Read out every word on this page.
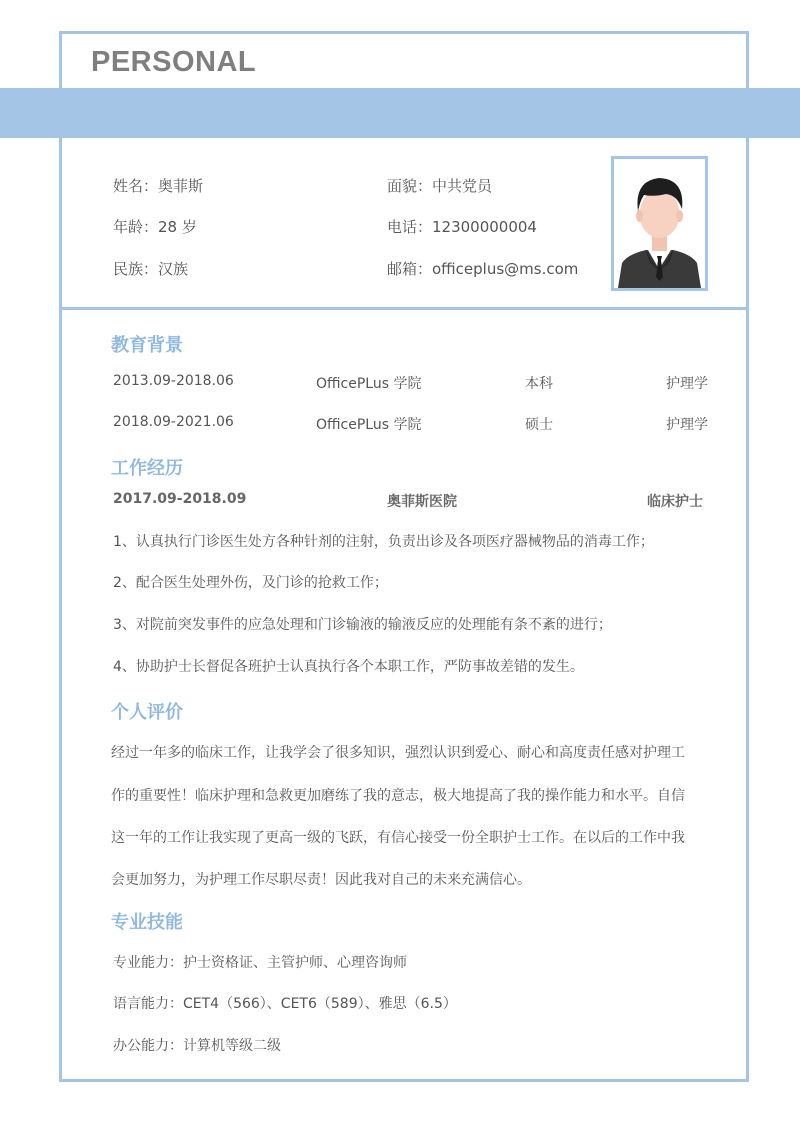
PERSONAL
姓名：奥菲斯	面貌：中共党员
年龄：28 岁	电话：12300000004
民族：汉族	邮箱：officeplus@ms.com
教育背景
2013.09-2018.06	OfficePLus 学院	本科	护理学
2018.09-2021.06	OfficePLus 学院	硕士	护理学
工作经历
2017.09-2018.09	奥菲斯医院	临床护士
1、认真执行门诊医生处方各种针剂的注射，负责出诊及各项医疗器械物品的消毒工作；
2、配合医生处理外伤，及门诊的抢救工作；
3、对院前突发事件的应急处理和门诊输液的输液反应的处理能有条不紊的进行；
4、协助护士长督促各班护士认真执行各个本职工作，严防事故差错的发生。
个人评价
经过一年多的临床工作，让我学会了很多知识，强烈认识到爱心、耐心和高度责任感对护理工
作的重要性！临床护理和急救更加磨练了我的意志，极大地提高了我的操作能力和水平。自信
这一年的工作让我实现了更高一级的飞跃，有信心接受一份全职护士工作。在以后的工作中我
会更加努力，为护理工作尽职尽责！因此我对自己的未来充满信心。
专业技能
专业能力：护士资格证、主管护师、心理咨询师
语言能力：CET4（566）、CET6（589）、雅思（6.5）
办公能力：计算机等级二级
